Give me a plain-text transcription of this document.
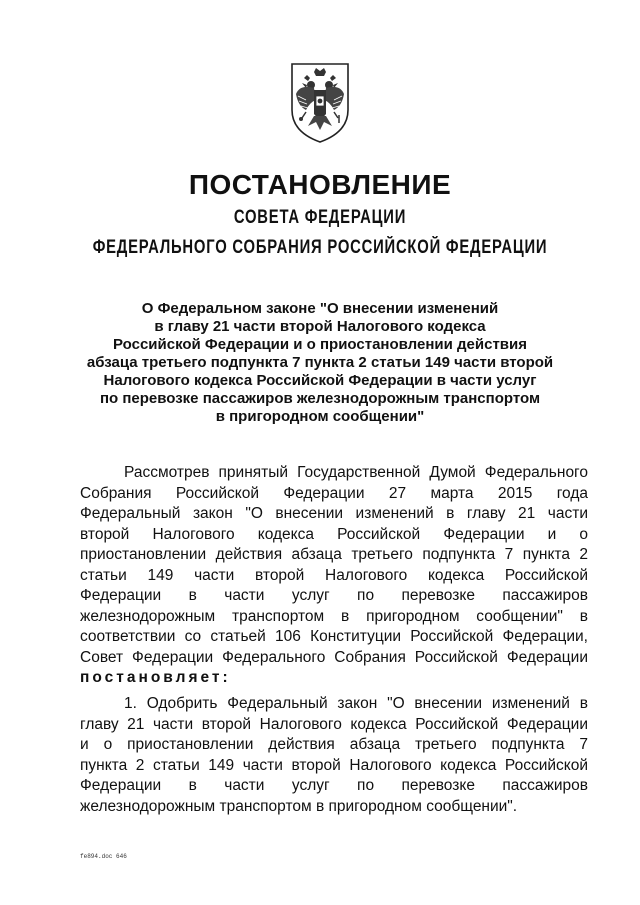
ПОСТАНОВЛЕНИЕ
СОВЕТА ФЕДЕРАЦИИ
ФЕДЕРАЛЬНОГО СОБРАНИЯ РОССИЙСКОЙ ФЕДЕРАЦИИ
О Федеральном законе "О внесении изменений
в главу 21 части второй Налогового кодекса
Российской Федерации и о приостановлении действия
абзаца третьего подпункта 7 пункта 2 статьи 149 части второй
Налогового кодекса Российской Федерации в части услуг
по перевозке пассажиров железнодорожным транспортом
в пригородном сообщении"
Рассмотрев принятый Государственной Думой Федерального
Собрания Российской Федерации 27 марта 2015 года
Федеральный закон "О внесении изменений в главу 21 части
второй Налогового кодекса Российской Федерации и о
приостановлении действия абзаца третьего подпункта 7 пункта 2
статьи 149 части второй Налогового кодекса Российской
Федерации в части услуг по перевозке пассажиров
железнодорожным транспортом в пригородном сообщении" в
соответствии со статьей 106 Конституции Российской Федерации,
Совет Федерации Федерального Собрания Российской Федерации
постановляет:
1. Одобрить Федеральный закон "О внесении изменений в
главу 21 части второй Налогового кодекса Российской Федерации
и о приостановлении действия абзаца третьего подпункта 7
пункта 2 статьи 149 части второй Налогового кодекса Российской
Федерации в части услуг по перевозке пассажиров
железнодорожным транспортом в пригородном сообщении".
fe894.doc 646
